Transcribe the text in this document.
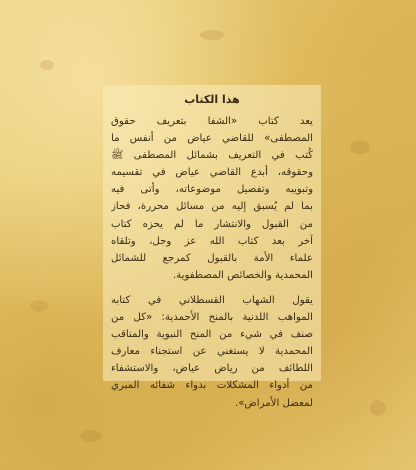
هذا الكتاب
يعد كتاب «الشفا بتعريف حقوق
المصطفى» للقاضي عياض من أنفس ما
كُتب في التعريف بشمائل المصطفى ﷺ
وحقوقه، أبدع القاضي عياض في تقسيمه
وتبويبه وتفصيل موضوعاته، وأتى فيه
بما لم يُسبق إليه من مسائل محررة، فحاز
من القبول والانتشار ما لم يحزه كتاب
آخر بعد كتاب الله عز وجل، وتلقاه
علماء الأمة بالقبول كمرجع للشمائل
المحمدية والخصائص المصطفوية.
يقول الشهاب القسطلاني في كتابه
المواهب اللدنية بالمنح الأحمدية: «كل من
صنف في شيء من المنح النبوية والمناقب
المحمدية لا يستغني عن استجناء معارف
اللطائف من رياض عياض، والاستشفاء
من أدواء المشكلات بدواء شفائه المبري
لمعضل الأمراض».
